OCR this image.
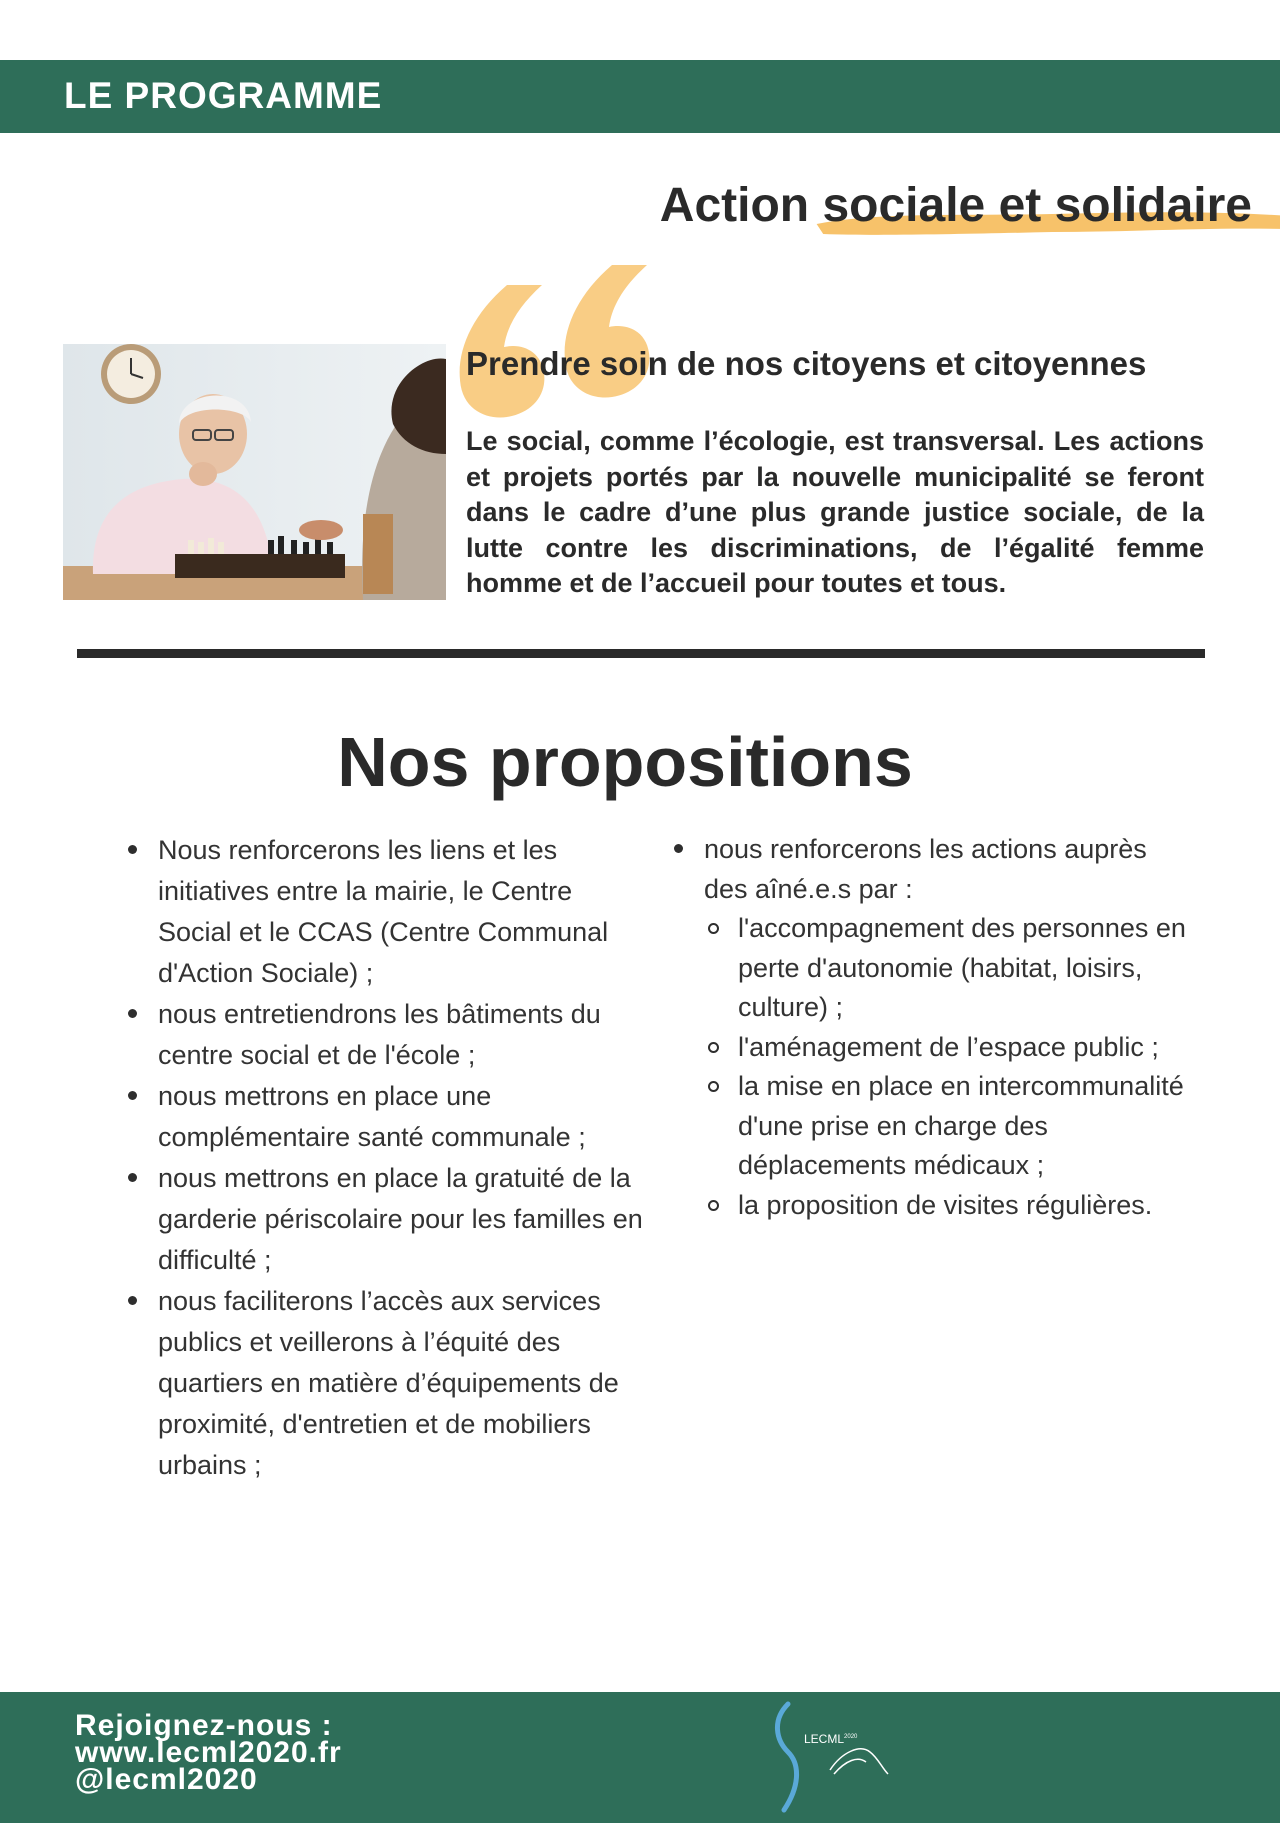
LE PROGRAMME
Action
sociale et solidaire
Prendre soin de nos citoyens et citoyennes

Le social, comme l’écologie, est transversal. Les actions et projets portés par la nouvelle municipalité se feront dans le cadre d’une plus grande justice sociale, de la lutte contre les discriminations, de l’égalité femme homme et de l’accueil pour toutes et tous.

Nos propositions
Nous renforcerons les liens et les initiatives entre la mairie, le Centre Social et le CCAS (Centre Communal d'Action Sociale) ;
nous entretiendrons les bâtiments du centre social et de l'école ;
nous mettrons en place une complémentaire santé communale ;
nous mettrons en place la gratuité de la garderie périscolaire pour les familles en difficulté ;
nous faciliterons l’accès aux services publics et veillerons à l’équité des quartiers en matière d’équipements de proximité, d'entretien et de mobiliers urbains ;
nous renforcerons les actions auprès des aîné.e.s par :
l'accompagnement des personnes en perte d'autonomie (habitat, loisirs, culture) ;
l'aménagement de l’espace public ;
la mise en place en intercommunalité d'une prise en charge des déplacements médicaux ;
la proposition de visites régulières.
Rejoignez-nous :
www.lecml2020.fr
@lecml2020
$LECML^{2020}$
